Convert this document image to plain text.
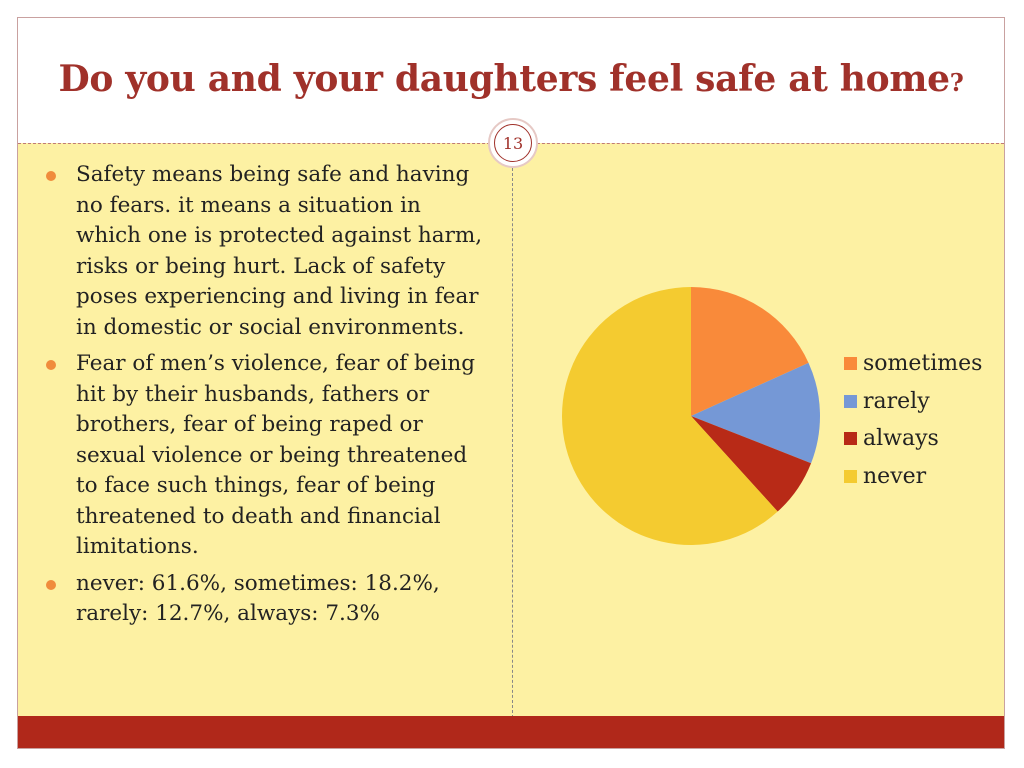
Do you and your daughters feel safe at home?
13
Safety means being safe and having no fears. it means a situation in which one is protected against harm, risks or being hurt. Lack of safety poses experiencing and living in fear in domestic or social environments.
Fear of men’s violence, fear of being hit by their husbands, fathers or brothers, fear of being raped or sexual violence or being threatened to face such things, fear of being threatened to death and financial limitations.
never: 61.6%, sometimes: 18.2%, rarely: 12.7%, always: 7.3%
sometimes
rarely
always
never
